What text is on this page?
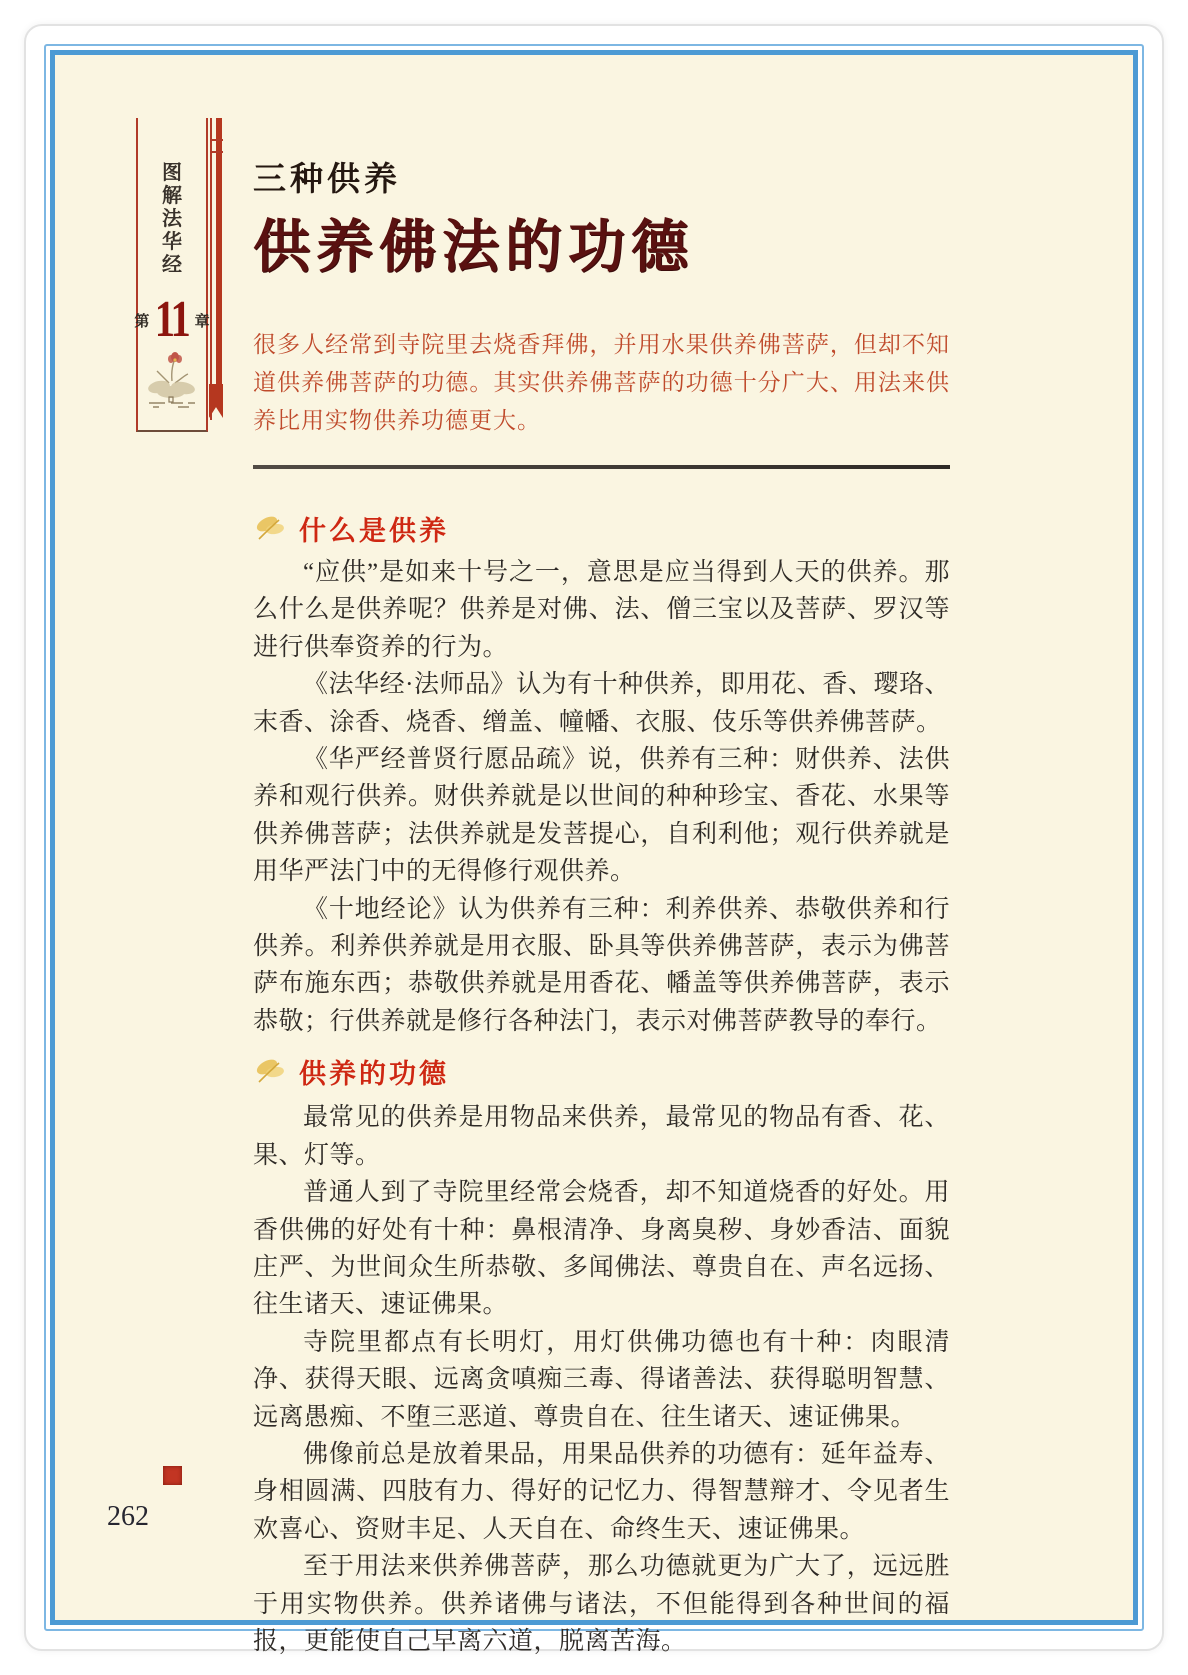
图解法华经
第 11 章
三种供养
供养佛法的功德
很多人经常到寺院里去烧香拜佛，并用水果供养佛菩萨，但却不知道供养佛菩萨的功德。其实供养佛菩萨的功德十分广大、用法来供养比用实物供养功德更大。
什么是供养

“应供”是如来十号之一，意思是应当得到人天的供养。那么什么是供养呢？供养是对佛、法、僧三宝以及菩萨、罗汉等进行供奉资养的行为。

《法华经·法师品》认为有十种供养，即用花、香、璎珞、末香、涂香、烧香、缯盖、幢幡、衣服、伎乐等供养佛菩萨。

《华严经普贤行愿品疏》说，供养有三种：财供养、法供养和观行供养。财供养就是以世间的种种珍宝、香花、水果等供养佛菩萨；法供养就是发菩提心，自利利他；观行供养就是用华严法门中的无得修行观供养。

《十地经论》认为供养有三种：利养供养、恭敬供养和行供养。利养供养就是用衣服、卧具等供养佛菩萨，表示为佛菩萨布施东西；恭敬供养就是用香花、幡盖等供养佛菩萨，表示恭敬；行供养就是修行各种法门，表示对佛菩萨教导的奉行。

供养的功德

最常见的供养是用物品来供养，最常见的物品有香、花、果、灯等。

普通人到了寺院里经常会烧香，却不知道烧香的好处。用香供佛的好处有十种：鼻根清净、身离臭秽、身妙香洁、面貌庄严、为世间众生所恭敬、多闻佛法、尊贵自在、声名远扬、往生诸天、速证佛果。

寺院里都点有长明灯，用灯供佛功德也有十种：肉眼清净、获得天眼、远离贪嗔痴三毒、得诸善法、获得聪明智慧、远离愚痴、不堕三恶道、尊贵自在、往生诸天、速证佛果。

佛像前总是放着果品，用果品供养的功德有：延年益寿、身相圆满、四肢有力、得好的记忆力、得智慧辩才、令见者生欢喜心、资财丰足、人天自在、命终生天、速证佛果。

至于用法来供养佛菩萨，那么功德就更为广大了，远远胜于用实物供养。供养诸佛与诸法，不但能得到各种世间的福报，更能使自己早离六道，脱离苦海。

262
